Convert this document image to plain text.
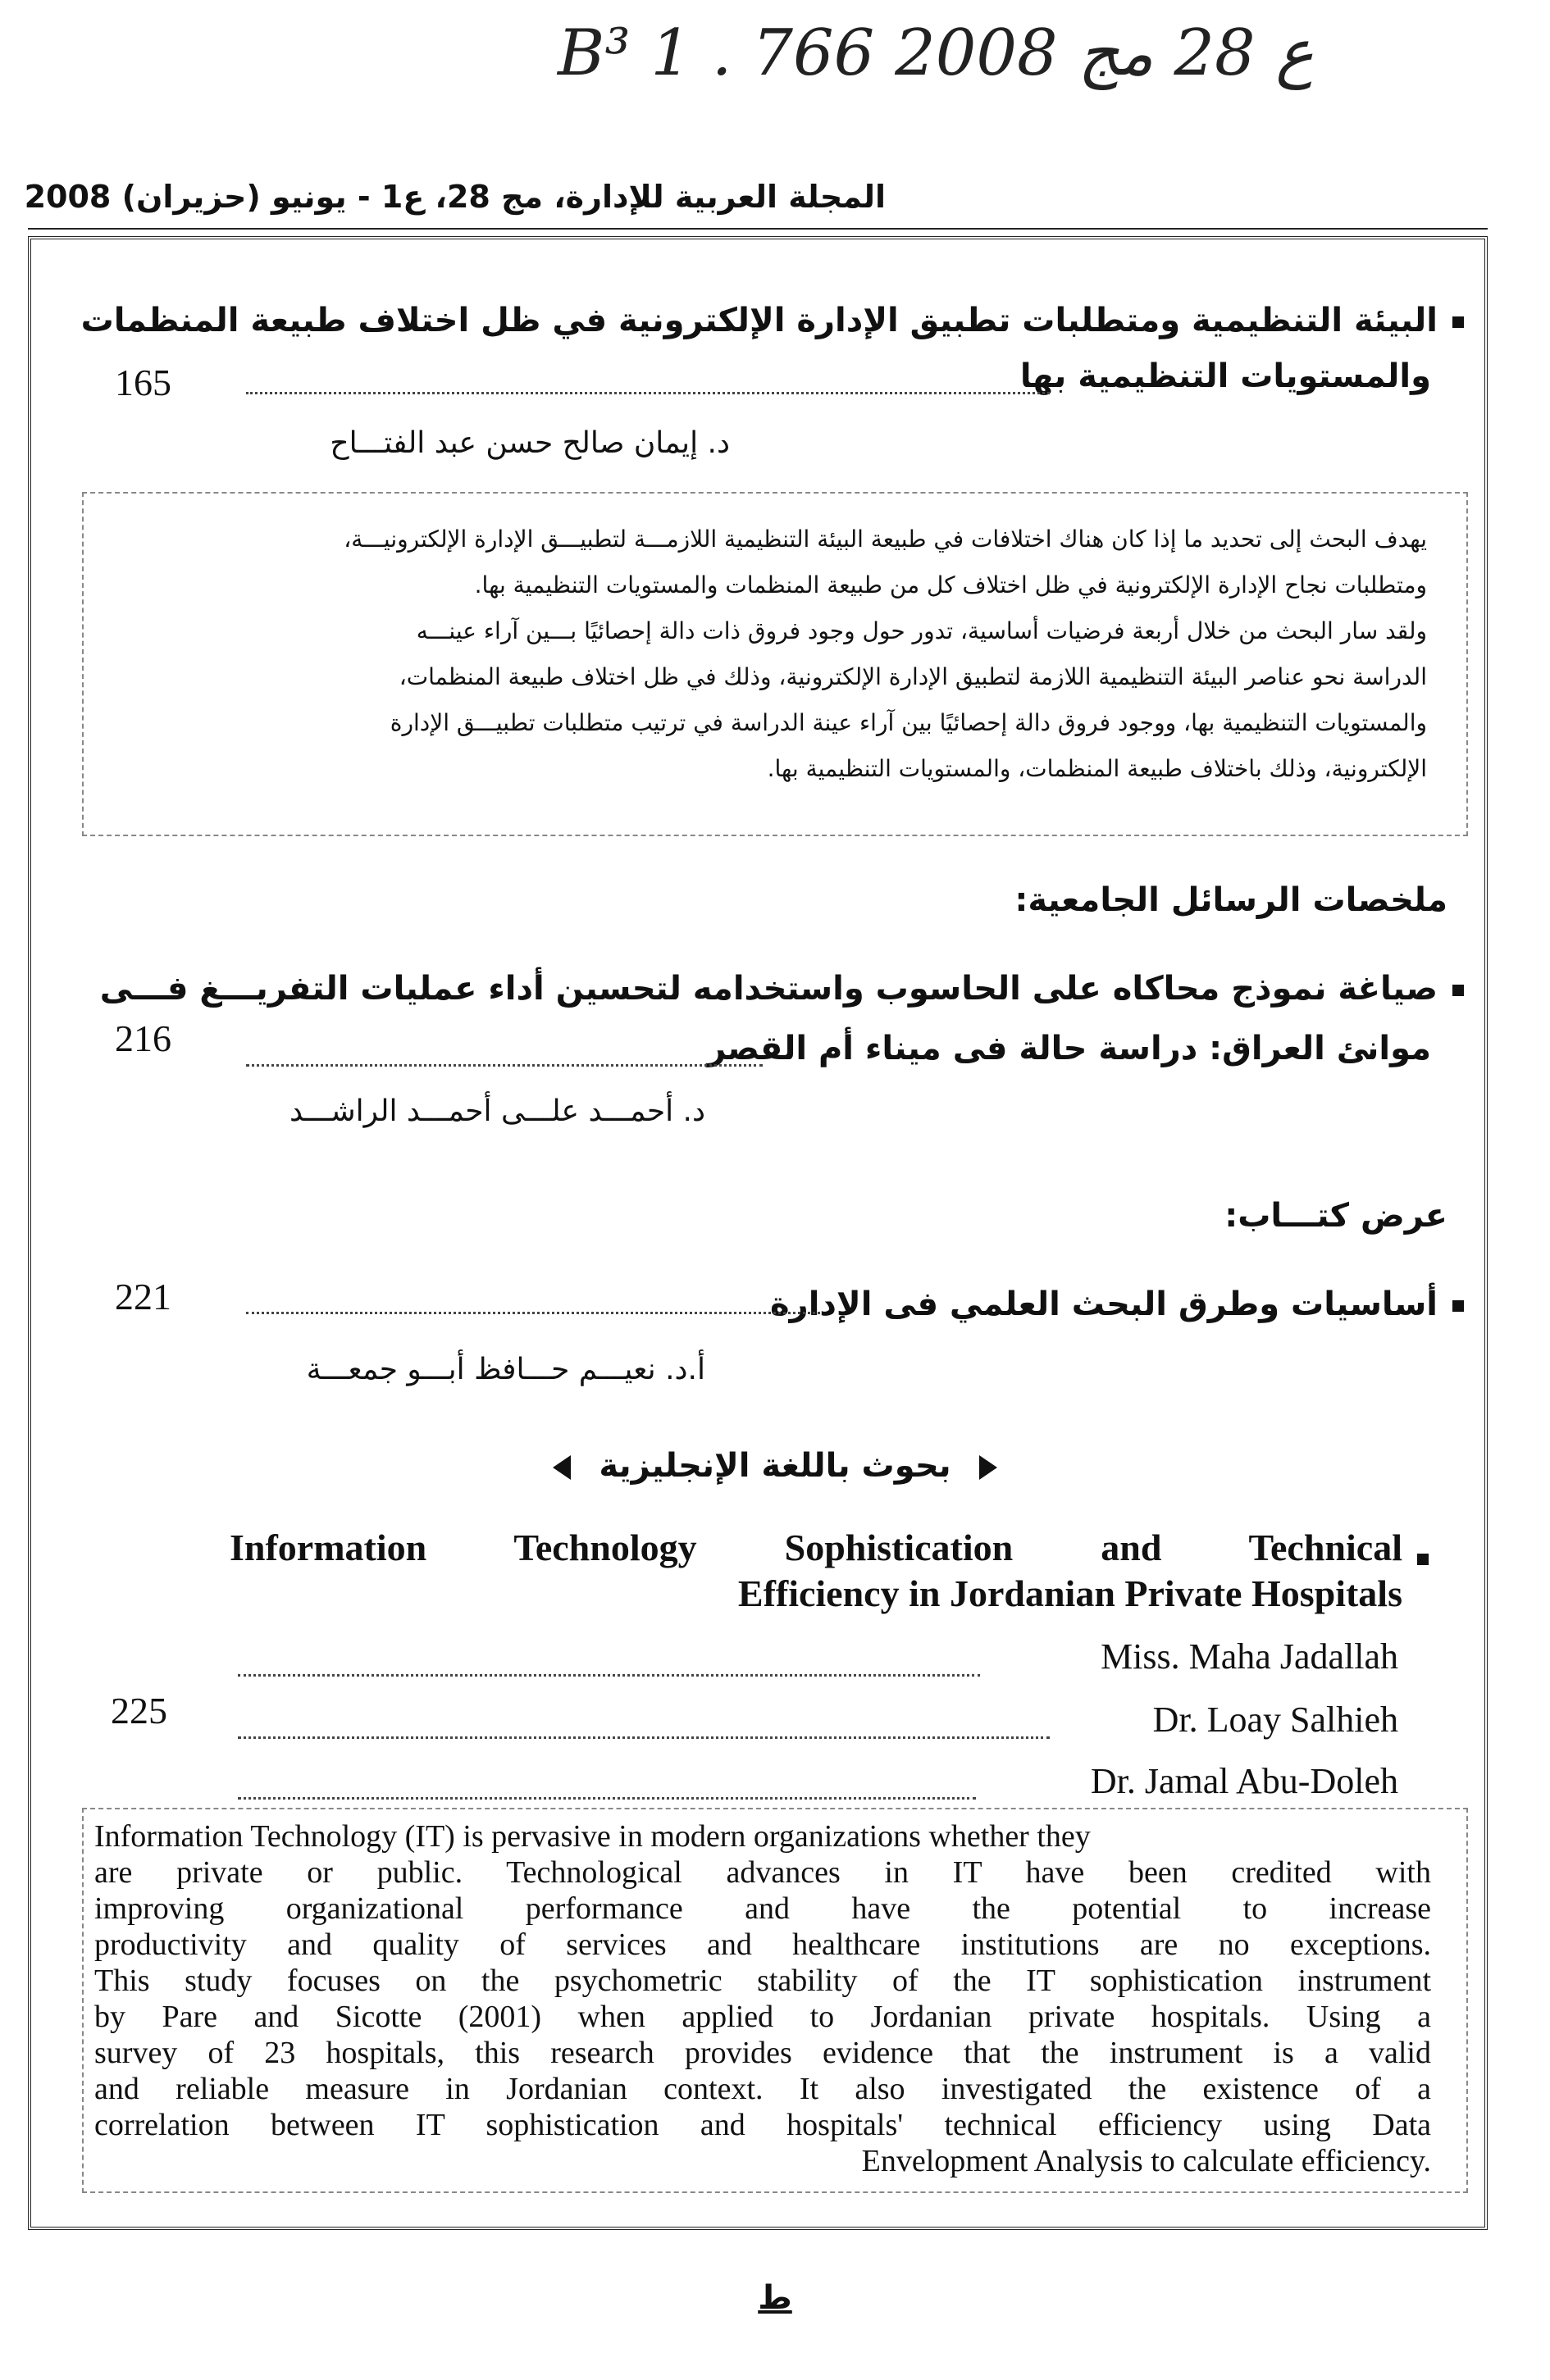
B³ 1 . ع 28 مج 2008 766
المجلة العربية للإدارة، مج 28، ع1 - يونيو (حزيران) 2008
البيئة التنظيمية ومتطلبات تطبيق الإدارة الإلكترونية في ظل اختلاف طبيعة المنظمات
والمستويات التنظيمية بها
165
د. إيمان صالح حسن عبد الفتـــاح
يهدف البحث إلى تحديد ما إذا كان هناك اختلافات في طبيعة البيئة التنظيمية اللازمـــة لتطبيـــق الإدارة الإلكترونيـــة،
ومتطلبات نجاح الإدارة الإلكترونية في ظل اختلاف كل من طبيعة المنظمات والمستويات التنظيمية بها.
ولقد سار البحث من خلال أربعة فرضيات أساسية، تدور حول وجود فروق ذات دالة إحصائيًا بـــين آراء عينـــه
الدراسة نحو عناصر البيئة التنظيمية اللازمة لتطبيق الإدارة الإلكترونية، وذلك في ظل اختلاف طبيعة المنظمات،
والمستويات التنظيمية بها، ووجود فروق دالة إحصائيًا بين آراء عينة الدراسة في ترتيب متطلبات تطبيـــق الإدارة
الإلكترونية، وذلك باختلاف طبيعة المنظمات، والمستويات التنظيمية بها.
ملخصات الرسائل الجامعية:
صياغة نموذج محاكاه على الحاسوب واستخدامه لتحسين أداء عمليات التفريـــغ فـــى
موانئ العراق: دراسة حالة فى ميناء أم القصر
216
د. أحمـــد علـــى أحمـــد الراشـــد
عرض كتـــاب:
أساسيات وطرق البحث العلمي فى الإدارة
221
أ.د. نعيـــم حـــافظ أبـــو جمعـــة
بحوث باللغة الإنجليزية
Information Technology Sophistication and Technical
Efficiency in Jordanian Private Hospitals
Miss. Maha Jadallah
Dr. Loay Salhieh
Dr. Jamal Abu-Doleh
225
Information Technology (IT) is pervasive in modern organizations whether they
are private or public. Technological advances in IT have been credited with
improving organizational performance and have the potential to increase
productivity and quality of services and healthcare institutions are no exceptions.
This study focuses on the psychometric stability of the IT sophistication instrument
by Pare and Sicotte (2001) when applied to Jordanian private hospitals. Using a
survey of 23 hospitals, this research provides evidence that the instrument is a valid
and reliable measure in Jordanian context. It also investigated the existence of a
correlation between IT sophistication and hospitals' technical efficiency using Data
Envelopment Analysis to calculate efficiency.
ط
